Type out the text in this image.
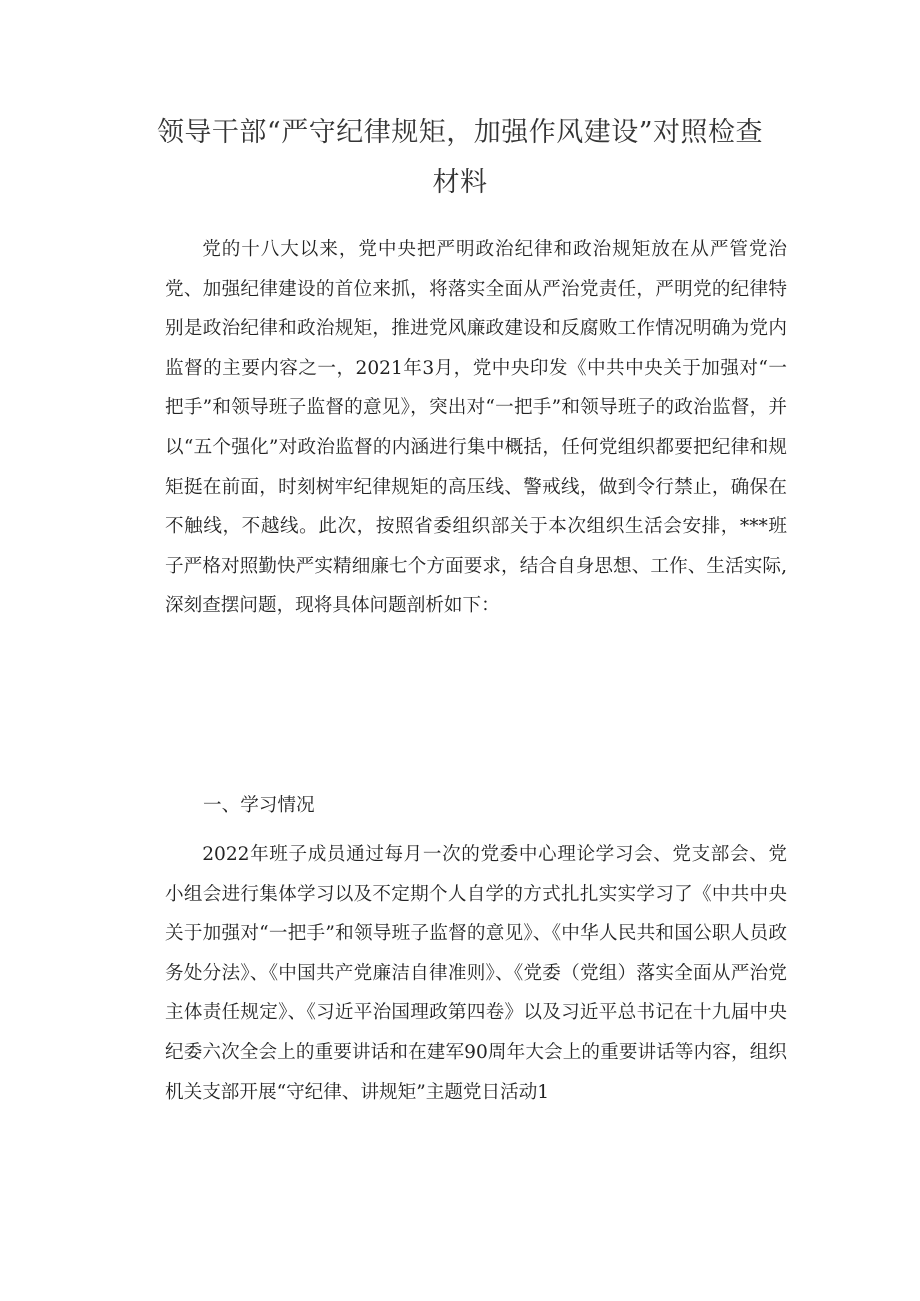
领导干部“严守纪律规矩，加强作风建设”对照检查
材料

党的十八大以来，党中央把严明政治纪律和政治规矩放在从严管党治党、加强纪律建设的首位来抓，将落实全面从严治党责任，严明党的纪律特别是政治纪律和政治规矩，推进党风廉政建设和反腐败工作情况明确为党内监督的主要内容之一，2021年3月，党中央印发《中共中央关于加强对“一把手”和领导班子监督的意见》，突出对“一把手”和领导班子的政治监督，并以“五个强化”对政治监督的内涵进行集中概括，任何党组织都要把纪律和规矩挺在前面，时刻树牢纪律规矩的高压线、警戒线，做到令行禁止，确保在不触线，不越线。此次，按照省委组织部关于本次组织生活会安排，***班子严格对照勤快严实精细廉七个方面要求，结合自身思想、工作、生活实际,深刻查摆问题，现将具体问题剖析如下：

一、学习情况

2022年班子成员通过每月一次的党委中心理论学习会、党支部会、党小组会进行集体学习以及不定期个人自学的方式扎扎实实学习了《中共中央关于加强对“一把手”和领导班子监督的意见》、《中华人民共和国公职人员政务处分法》、《中国共产党廉洁自律准则》、《党委（党组）落实全面从严治党主体责任规定》、《习近平治国理政第四卷》以及习近平总书记在十九届中央纪委六次全会上的重要讲话和在建军90周年大会上的重要讲话等内容，组织机关支部开展“守纪律、讲规矩”主题党日活动1
